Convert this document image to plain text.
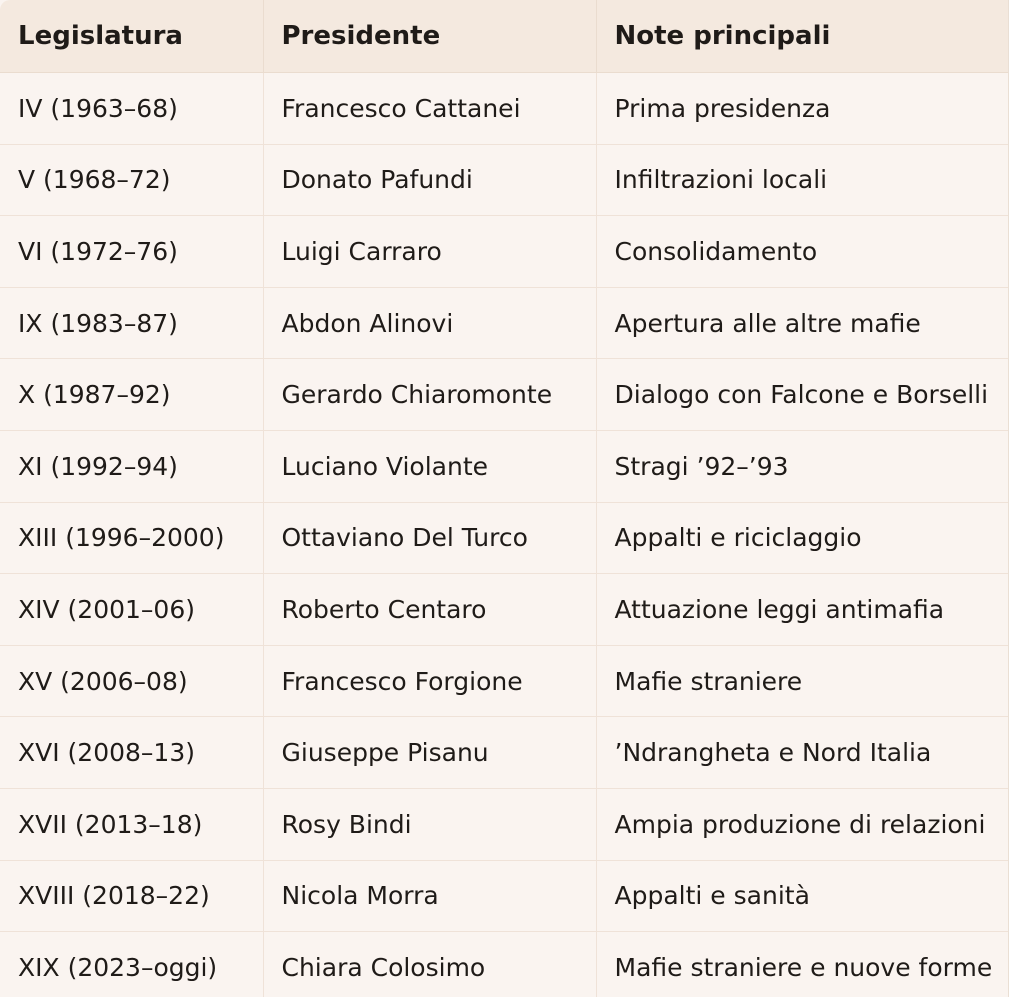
Legislatura	Presidente	Note principali
IV (1963–68)	Francesco Cattanei	Prima presidenza
V (1968–72)	Donato Pafundi	Infiltrazioni locali
VI (1972–76)	Luigi Carraro	Consolidamento
IX (1983–87)	Abdon Alinovi	Apertura alle altre mafie
X (1987–92)	Gerardo Chiaromonte	Dialogo con Falcone e Borselli
XI (1992–94)	Luciano Violante	Stragi ’92–’93
XIII (1996–2000)	Ottaviano Del Turco	Appalti e riciclaggio
XIV (2001–06)	Roberto Centaro	Attuazione leggi antimafia
XV (2006–08)	Francesco Forgione	Mafie straniere
XVI (2008–13)	Giuseppe Pisanu	’Ndrangheta e Nord Italia
XVII (2013–18)	Rosy Bindi	Ampia produzione di relazioni
XVIII (2018–22)	Nicola Morra	Appalti e sanità
XIX (2023–oggi)	Chiara Colosimo	Mafie straniere e nuove forme
